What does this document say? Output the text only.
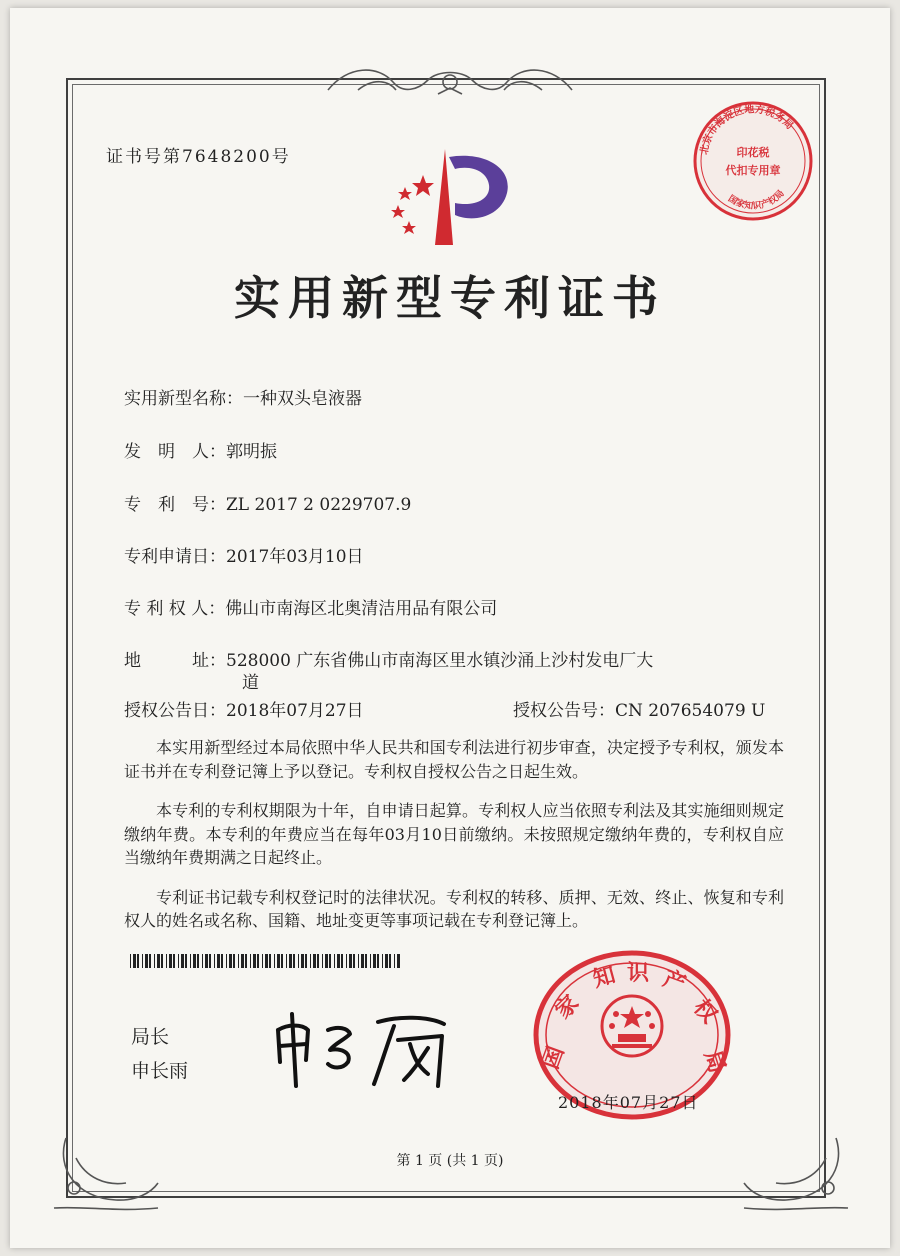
证书号第7648200号
实用新型专利证书
实用新型名称：一种双头皂液器
发　明　人：郭明振
专　利　号：ZL 2017 2 0229707.9
专利申请日：2017年03月10日
专 利 权 人：佛山市南海区北奥清洁用品有限公司
地　　　址：528000 广东省佛山市南海区里水镇沙涌上沙村发电厂大
道
授权公告日：2018年07月27日	授权公告号：CN 207654079 U

本实用新型经过本局依照中华人民共和国专利法进行初步审查，决定授予专利权，颁发本证书并在专利登记簿上予以登记。专利权自授权公告之日起生效。

本专利的专利权期限为十年，自申请日起算。专利权人应当依照专利法及其实施细则规定缴纳年费。本专利的年费应当在每年03月10日前缴纳。未按照规定缴纳年费的，专利权自应当缴纳年费期满之日起终止。

专利证书记载专利权登记时的法律状况。专利权的转移、质押、无效、终止、恢复和专利权人的姓名或名称、国籍、地址变更等事项记载在专利登记簿上。

局长
申长雨	国
家
知 识 产
权
局
2018年07月27日
印花税
代扣专用章
北京市海淀区地方税务局
国家知识产权局
第 1 页 (共 1 页)
